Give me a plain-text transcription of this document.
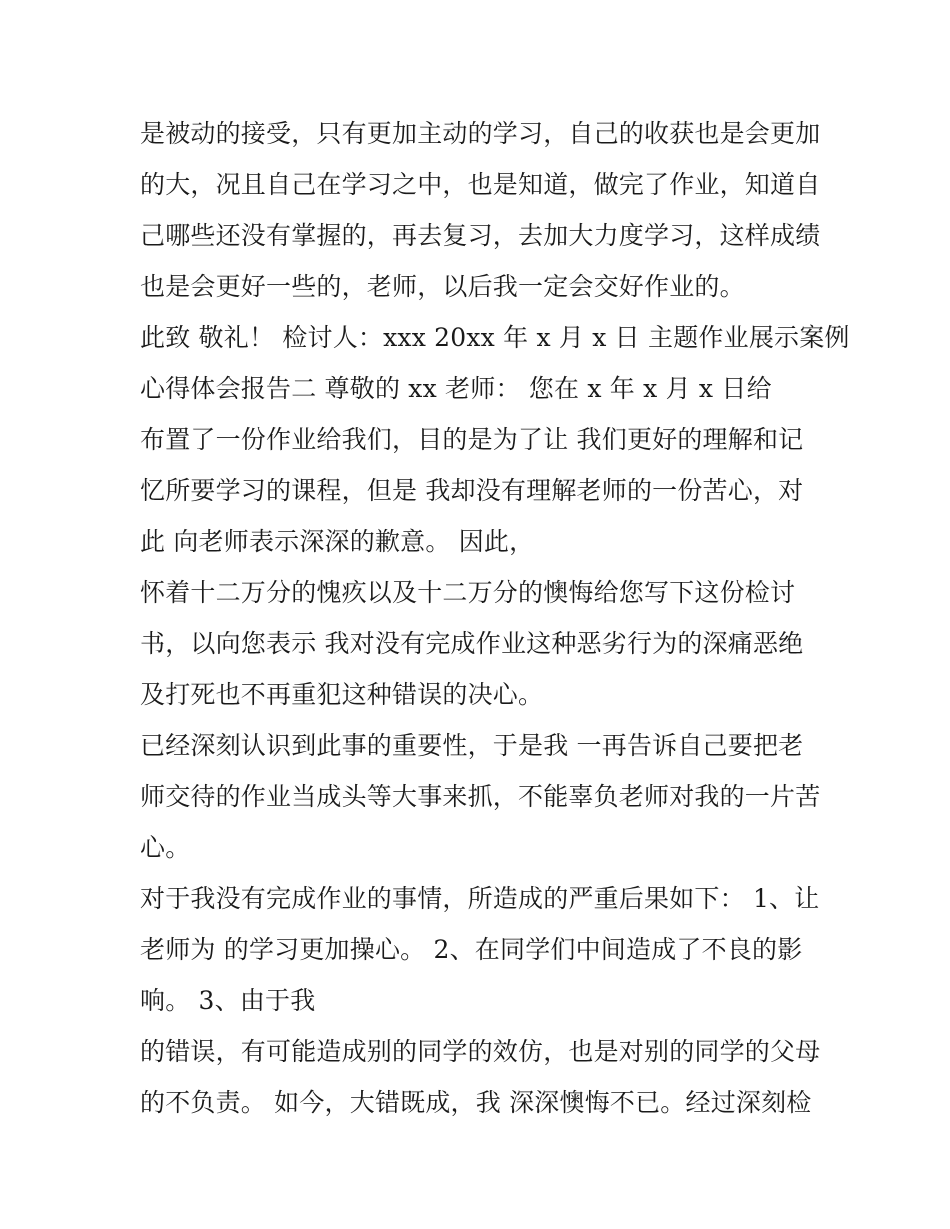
是被动的接受，只有更加主动的学习，自己的收获也是会更加
的大，况且自己在学习之中，也是知道，做完了作业，知道自
己哪些还没有掌握的，再去复习，去加大力度学习，这样成绩
也是会更好一些的，老师，以后我一定会交好作业的。
此致 敬礼！ 检讨人：xxx 20xx 年 x 月 x 日 主题作业展示案例
心得体会报告二 尊敬的 xx 老师： 您在 x 年 x 月 x 日给
布置了一份作业给我们，目的是为了让 我们更好的理解和记
忆所要学习的课程，但是 我却没有理解老师的一份苦心，对
此 向老师表示深深的歉意。 因此，
怀着十二万分的愧疚以及十二万分的懊悔给您写下这份检讨
书，以向您表示 我对没有完成作业这种恶劣行为的深痛恶绝
及打死也不再重犯这种错误的决心。
已经深刻认识到此事的重要性，于是我 一再告诉自己要把老
师交待的作业当成头等大事来抓，不能辜负老师对我的一片苦
心。
对于我没有完成作业的事情，所造成的严重后果如下： 1、让
老师为 的学习更加操心。 2、在同学们中间造成了不良的影
响。 3、由于我
的错误，有可能造成别的同学的效仿，也是对别的同学的父母
的不负责。 如今，大错既成，我 深深懊悔不已。经过深刻检
